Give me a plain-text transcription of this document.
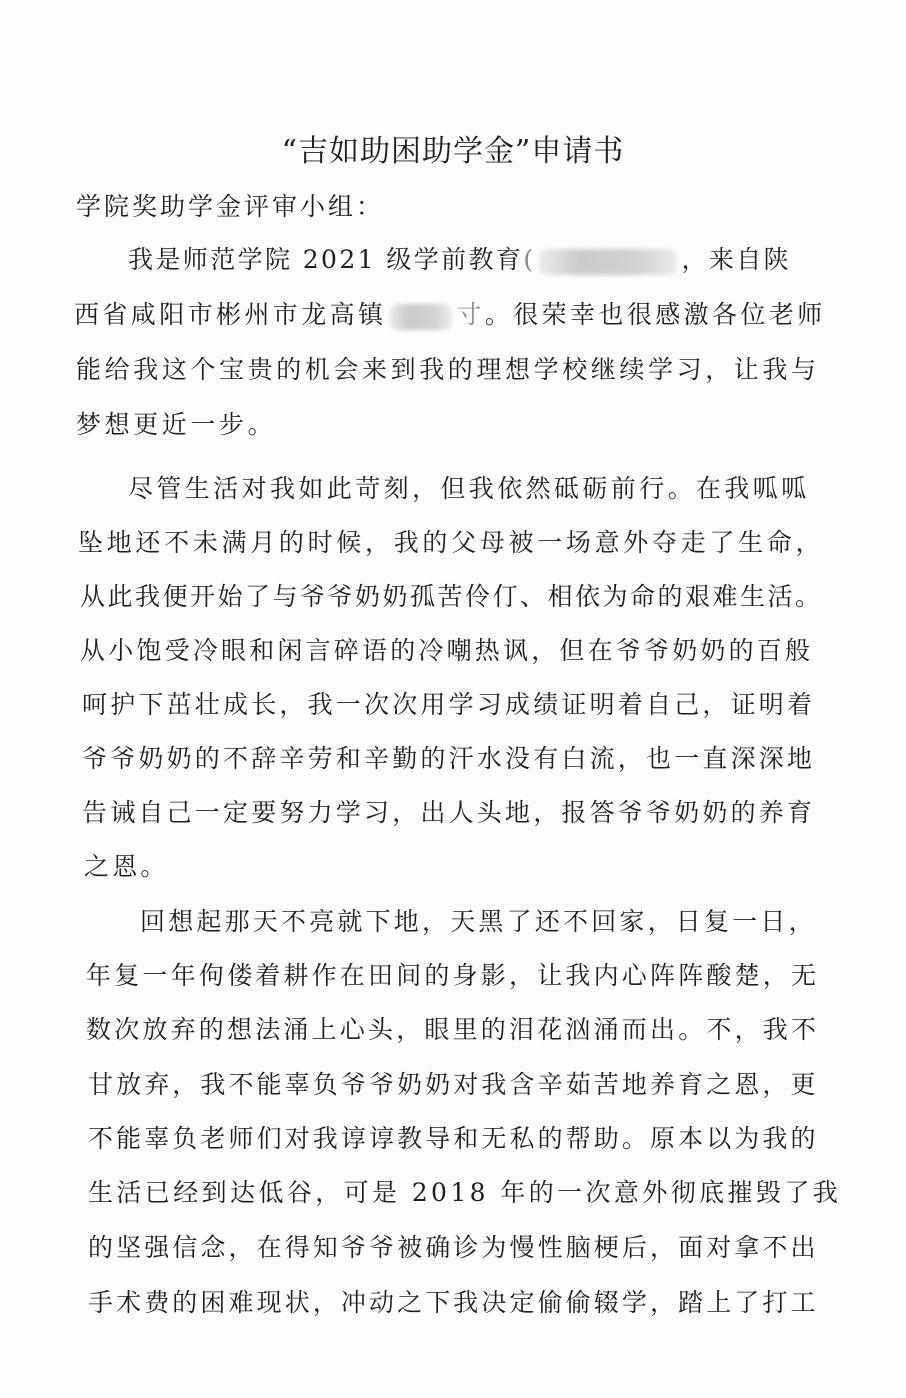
“吉如助困助学金”申请书
学院奖助学金评审小组：
我是师范学院 2021 级学前教育(	，来自陕
西省咸阳市彬州市龙高镇	寸。很荣幸也很感激各位老师
能给我这个宝贵的机会来到我的理想学校继续学习，让我与
梦想更近一步。
尽管生活对我如此苛刻，但我依然砥砺前行。在我呱呱
坠地还不未满月的时候，我的父母被一场意外夺走了生命，
从此我便开始了与爷爷奶奶孤苦伶仃、相依为命的艰难生活。
从小饱受冷眼和闲言碎语的冷嘲热讽，但在爷爷奶奶的百般
呵护下茁壮成长，我一次次用学习成绩证明着自己，证明着
爷爷奶奶的不辞辛劳和辛勤的汗水没有白流，也一直深深地
告诫自己一定要努力学习，出人头地，报答爷爷奶奶的养育
之恩。
回想起那天不亮就下地，天黑了还不回家，日复一日，
年复一年佝偻着耕作在田间的身影，让我内心阵阵酸楚，无
数次放弃的想法涌上心头，眼里的泪花汹涌而出。不，我不
甘放弃，我不能辜负爷爷奶奶对我含辛茹苦地养育之恩，更
不能辜负老师们对我谆谆教导和无私的帮助。原本以为我的
生活已经到达低谷，可是 2018 年的一次意外彻底摧毁了我
的坚强信念，在得知爷爷被确诊为慢性脑梗后，面对拿不出
手术费的困难现状，冲动之下我决定偷偷辍学，踏上了打工
